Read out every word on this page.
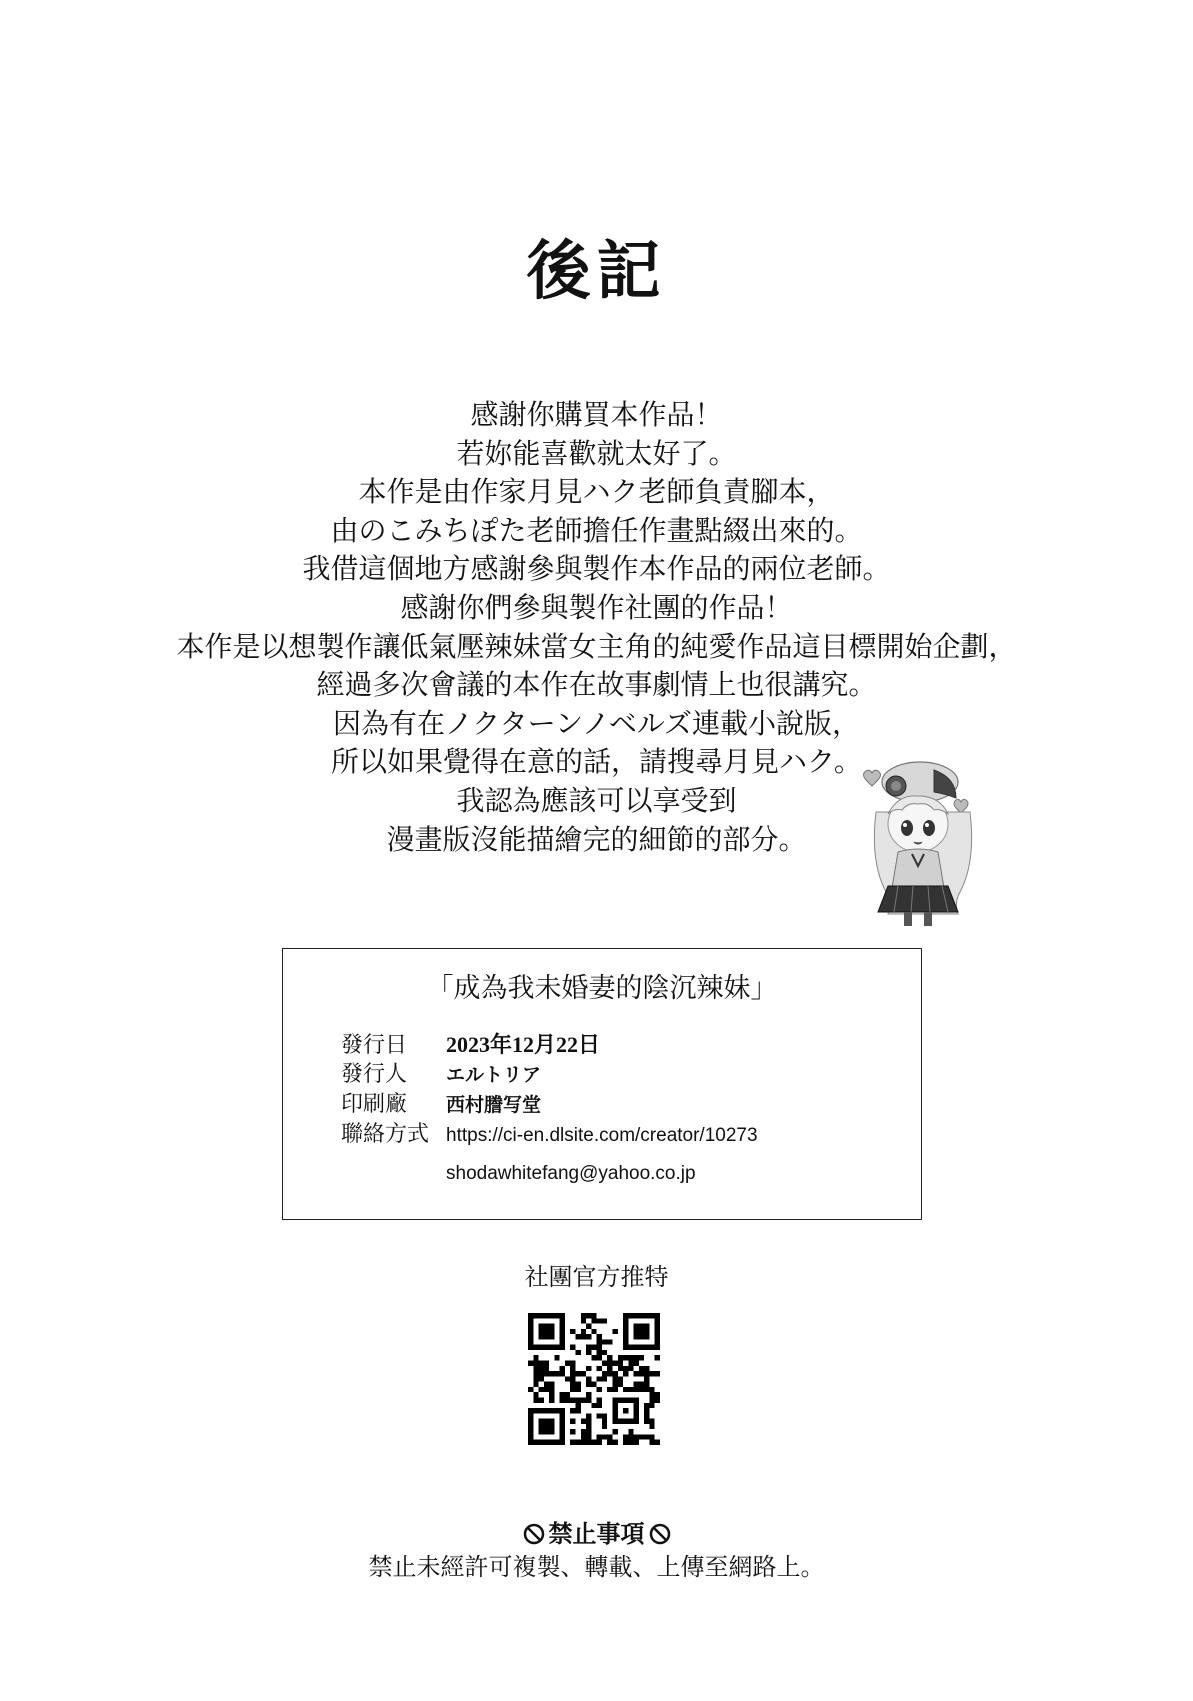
後記
感謝你購買本作品！
若妳能喜歡就太好了。
本作是由作家月見ハク老師負責腳本，
由のこみちぽた老師擔任作畫點綴出來的。
我借這個地方感謝參與製作本作品的兩位老師。
感謝你們參與製作社團的作品！
本作是以想製作讓低氣壓辣妹當女主角的純愛作品這目標開始企劃，
經過多次會議的本作在故事劇情上也很講究。
因為有在ノクターンノベルズ連載小說版，
所以如果覺得在意的話，請搜尋月見ハク。
我認為應該可以享受到
漫畫版沒能描繪完的細節的部分。
「成為我未婚妻的陰沉辣妹」
發行日 2023年12月22日
發行人 エルトリア
印刷廠 西村謄写堂
聯絡方式 https://ci-en.dlsite.com/creator/10273
shodawhitefang@yahoo.co.jp
社團官方推特
禁止事項
禁止未經許可複製、轉載、上傳至網路上。
